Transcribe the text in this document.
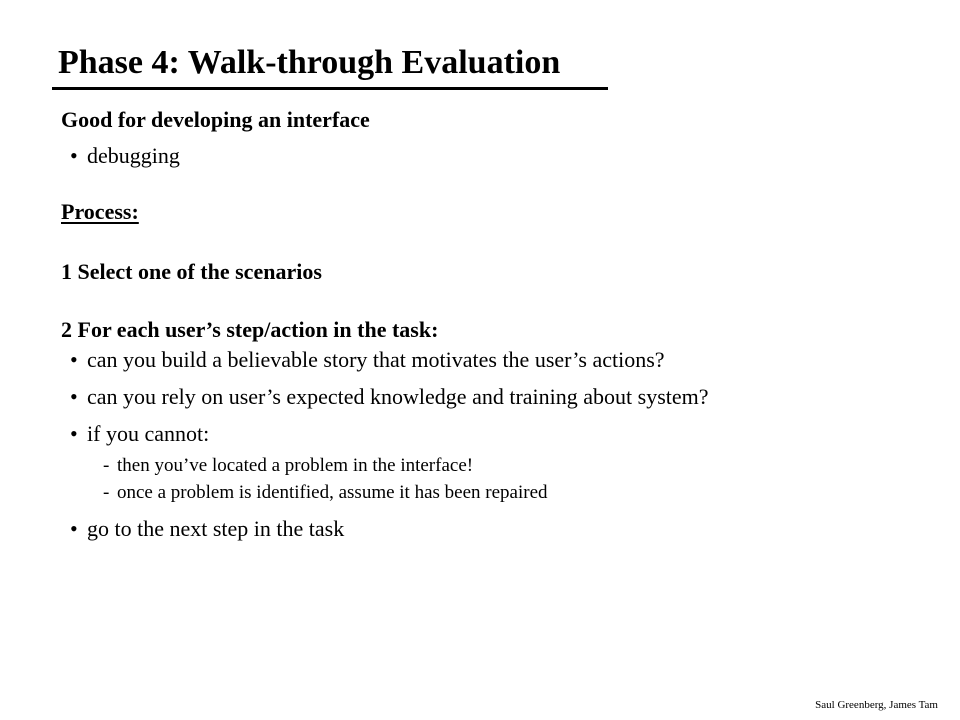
Phase 4: Walk-through Evaluation
Good for developing an interface
• debugging
Process:
1 Select one of the scenarios
2 For each user’s step/action in the task:
• can you build a believable story that motivates the user’s actions?
• can you rely on user’s expected knowledge and training about system?
• if you cannot:
- then you’ve located a problem in the interface!
- once a problem is identified, assume it has been repaired
• go to the next step in the task
Saul Greenberg, James Tam
